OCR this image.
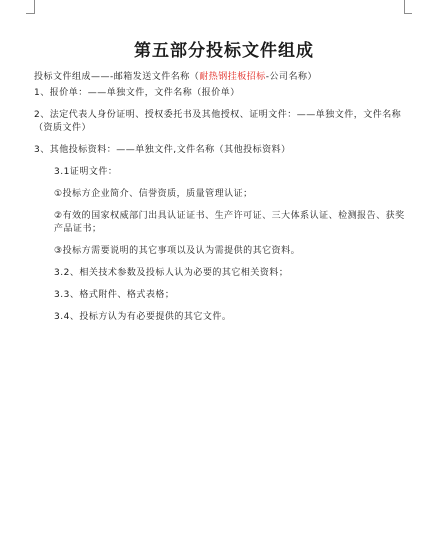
第五部分投标文件组成
投标文件组成——-邮箱发送文件名称（耐热钢挂板招标-公司名称）
1、报价单：——单独文件，文件名称（报价单）
2、法定代表人身份证明、授权委托书及其他授权、证明文件：——单独文件，文件名称（资质文件）
3、其他投标资料：——单独文件,文件名称（其他投标资料）
3.1证明文件：
①投标方企业简介、信誉资质，质量管理认证；
②有效的国家权威部门出具认证证书、生产许可证、三大体系认证、检测报告、获奖产品证书；
③投标方需要说明的其它事项以及认为需提供的其它资料。
3.2、相关技术参数及投标人认为必要的其它相关资料；
3.3、格式附件、格式表格；
3.4、投标方认为有必要提供的其它文件。
